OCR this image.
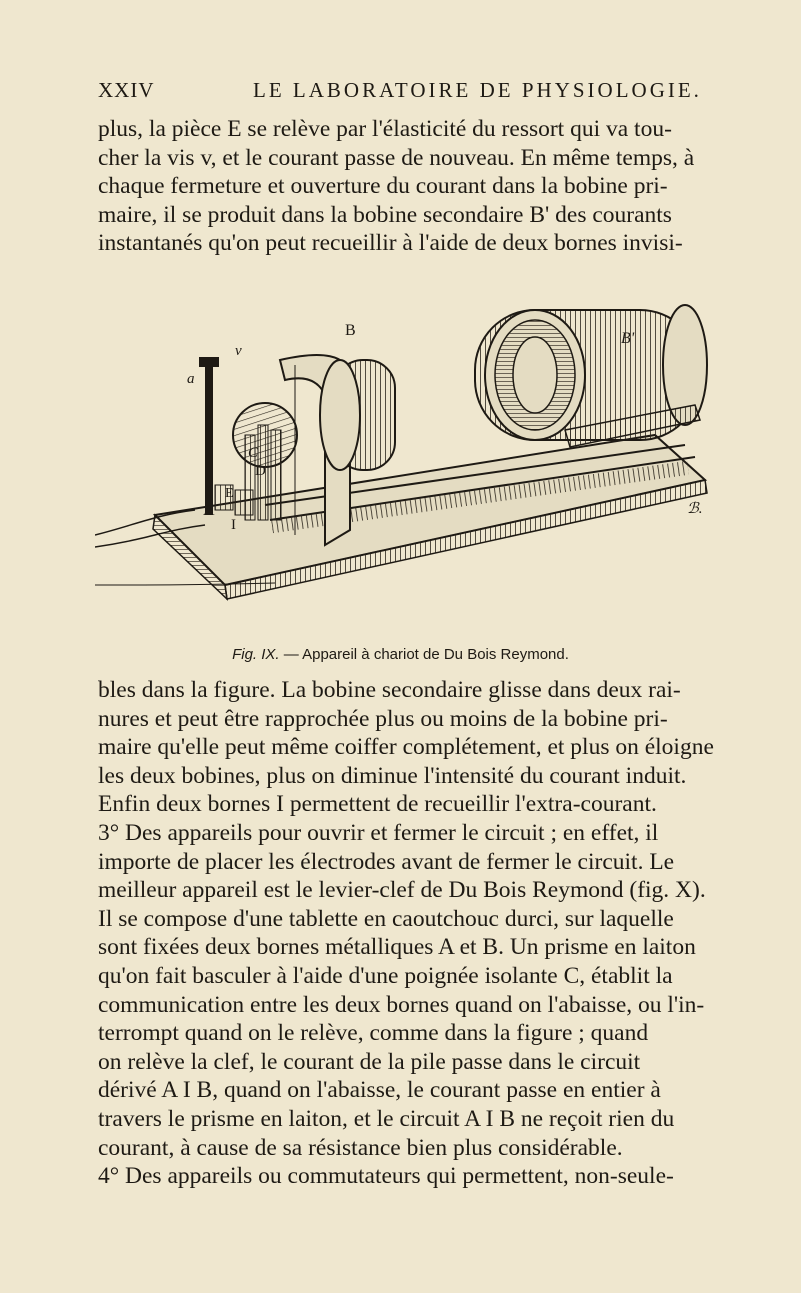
XXIV	LE LABORATOIRE DE PHYSIOLOGIE.
plus, la pièce E se relève par l'élasticité du ressort qui va tou-
cher la vis v, et le courant passe de nouveau. En même temps, à
chaque fermeture et ouverture du courant dans la bobine pri-
maire, il se produit dans la bobine secondaire B' des courants
instantanés qu'on peut recueillir à l'aide de deux bornes invisi-
B	B'
a
v
C
D
A
I
E
ℬ.
Fig. IX. — Appareil à chariot de Du Bois Reymond.
bles dans la figure. La bobine secondaire glisse dans deux rai-
nures et peut être rapprochée plus ou moins de la bobine pri-
maire qu'elle peut même coiffer complétement, et plus on éloigne
les deux bobines, plus on diminue l'intensité du courant induit.
Enfin deux bornes I permettent de recueillir l'extra-courant.
3° Des appareils pour ouvrir et fermer le circuit ; en effet, il
importe de placer les électrodes avant de fermer le circuit. Le
meilleur appareil est le levier-clef de Du Bois Reymond (fig. X).
Il se compose d'une tablette en caoutchouc durci, sur laquelle
sont fixées deux bornes métalliques A et B. Un prisme en laiton
qu'on fait basculer à l'aide d'une poignée isolante C, établit la
communication entre les deux bornes quand on l'abaisse, ou l'in-
terrompt quand on le relève, comme dans la figure ; quand
on relève la clef, le courant de la pile passe dans le circuit
dérivé A I B, quand on l'abaisse, le courant passe en entier à
travers le prisme en laiton, et le circuit A I B ne reçoit rien du
courant, à cause de sa résistance bien plus considérable.
4° Des appareils ou commutateurs qui permettent, non-seule-
